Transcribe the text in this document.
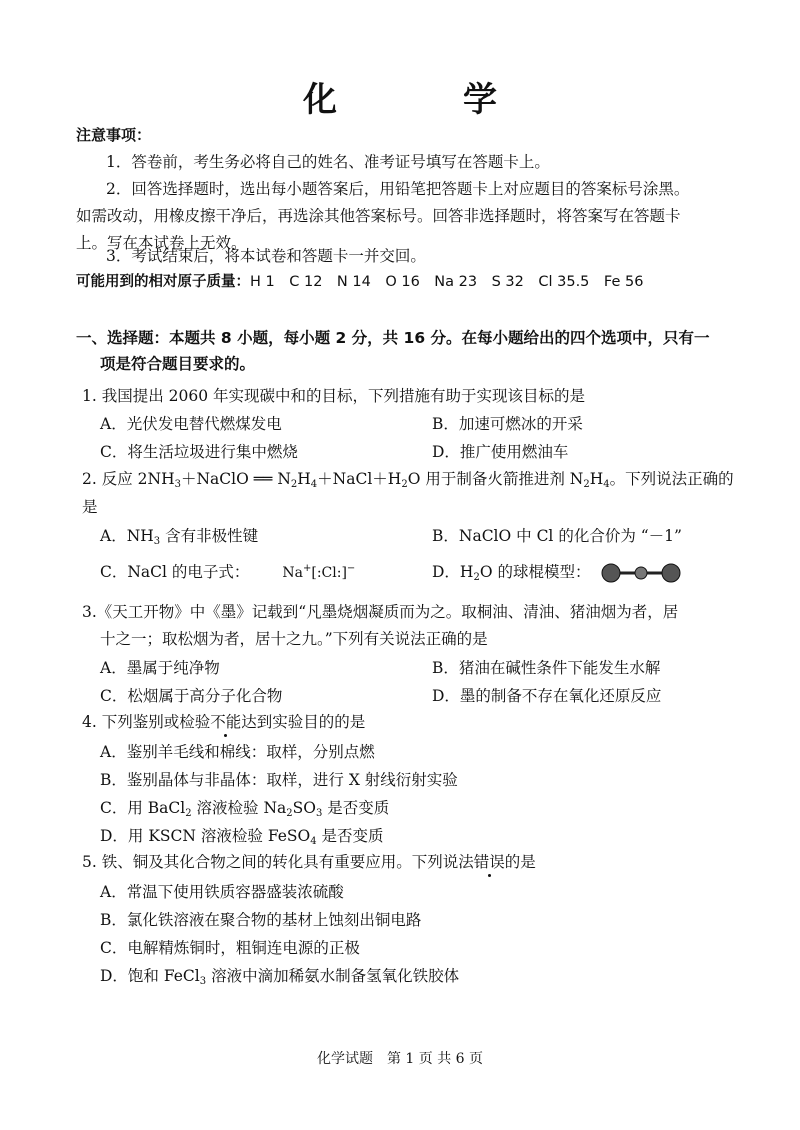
化　学
注意事项：
1．答卷前，考生务必将自己的姓名、准考证号填写在答题卡上。
2．回答选择题时，选出每小题答案后，用铅笔把答题卡上对应题目的答案标号涂黑。
如需改动，用橡皮擦干净后，再选涂其他答案标号。回答非选择题时，将答案写在答题卡
上。写在本试卷上无效。
3．考试结束后，将本试卷和答题卡一并交回。
可能用到的相对原子质量：H 1　C 12　N 14　O 16　Na 23　S 32　Cl 35.5　Fe 56
一、选择题：本题共 8 小题，每小题 2 分，共 16 分。在每小题给出的四个选项中，只有一
项是符合题目要求的。
1. 我国提出 2060 年实现碳中和的目标，下列措施有助于实现该目标的是
A．光伏发电替代燃煤发电	B．加速可燃冰的开采
C．将生活垃圾进行集中燃烧	D．推广使用燃油车
2. 反应 $2NH_3+NaClO$ ══ $N_2H_4+NaCl+H_2O$ 用于制备火箭推进剂 $N_2H_4$。下列说法正确的
是
A．$NH_3$ 含有非极性键	B．NaClO 中 Cl 的化合价为 “－1”
C．NaCl 的电子式： Na+[:Cl:]−	D．$H_2O$ 的球棍模型：
3.《天工开物》中《墨》记载到“凡墨烧烟凝质而为之。取桐油、清油、猪油烟为者，居
十之一；取松烟为者，居十之九。”下列有关说法正确的是
A．墨属于纯净物	B．猪油在碱性条件下能发生水解
C．松烟属于高分子化合物	D．墨的制备不存在氧化还原反应
4. 下列鉴别或检验不能达到实验目的的是
A．鉴别羊毛线和棉线：取样，分别点燃
B．鉴别晶体与非晶体：取样，进行 X 射线衍射实验
C．用 BaCl$_2$ 溶液检验 $Na_2SO_3$ 是否变质
D．用 KSCN 溶液检验 FeSO$_4$ 是否变质
5. 铁、铜及其化合物之间的转化具有重要应用。下列说法错误的是
A．常温下使用铁质容器盛装浓硫酸
B．氯化铁溶液在聚合物的基材上蚀刻出铜电路
C．电解精炼铜时，粗铜连电源的正极
D．饱和 FeCl$_3$ 溶液中滴加稀氨水制备氢氧化铁胶体
化学试题　第 1 页 共 6 页
